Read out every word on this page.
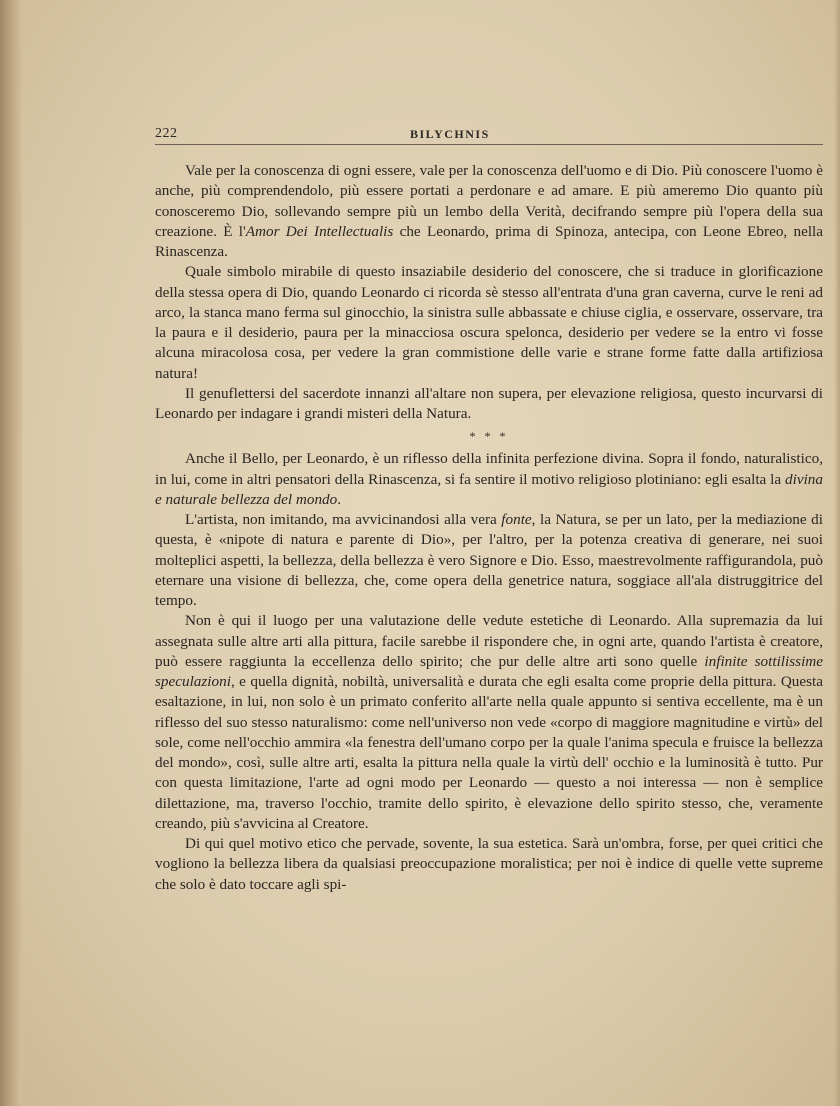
222	BILYCHNIS

Vale per la conoscenza di ogni essere, vale per la conoscenza dell'uomo e di Dio. Più conoscere l'uomo è anche, più comprendendolo, più essere portati a perdonare e ad amare. E più ameremo Dio quanto più conosceremo Dio, sollevando sempre più un lembo della Verità, decifrando sempre più l'opera della sua creazione. È l'Amor Dei Intellectualis che Leonardo, prima di Spinoza, antecipa, con Leone Ebreo, nella Rinascenza.

Quale simbolo mirabile di questo insaziabile desiderio del conoscere, che si traduce in glorificazione della stessa opera di Dio, quando Leonardo ci ricorda sè stesso all'entrata d'una gran caverna, curve le reni ad arco, la stanca mano ferma sul ginocchio, la sinistra sulle abbassate e chiuse ciglia, e osservare, osservare, tra la paura e il desiderio, paura per la minacciosa oscura spelonca, desiderio per vedere se la entro vi fosse alcuna miracolosa cosa, per vedere la gran commistione delle varie e strane forme fatte dalla artifiziosa natura!

Il genuflettersi del sacerdote innanzi all'altare non supera, per elevazione religiosa, questo incurvarsi di Leonardo per indagare i grandi misteri della Natura.

* * *

Anche il Bello, per Leonardo, è un riflesso della infinita perfezione divina. Sopra il fondo, naturalistico, in lui, come in altri pensatori della Rinascenza, si fa sentire il motivo religioso plotiniano: egli esalta la divina e naturale bellezza del mondo.

L'artista, non imitando, ma avvicinandosi alla vera fonte, la Natura, se per un lato, per la mediazione di questa, è «nipote di natura e parente di Dio», per l'altro, per la potenza creativa di generare, nei suoi molteplici aspetti, la bellezza, della bellezza è vero Signore e Dio. Esso, maestrevolmente raffigurandola, può eternare una visione di bellezza, che, come opera della genetrice natura, soggiace all'ala distruggitrice del tempo.

Non è qui il luogo per una valutazione delle vedute estetiche di Leonardo. Alla supremazia da lui assegnata sulle altre arti alla pittura, facile sarebbe il rispondere che, in ogni arte, quando l'artista è creatore, può essere raggiunta la eccellenza dello spirito; che pur delle altre arti sono quelle infinite sottilissime speculazioni, e quella dignità, nobiltà, universalità e durata che egli esalta come proprie della pittura. Questa esaltazione, in lui, non solo è un primato conferito all'arte nella quale appunto si sentiva eccellente, ma è un riflesso del suo stesso naturalismo: come nell'universo non vede «corpo di maggiore magnitudine e virtù» del sole, come nell'occhio ammira «la fenestra dell'umano corpo per la quale l'anima specula e fruisce la bellezza del mondo», così, sulle altre arti, esalta la pittura nella quale la virtù dell' occhio e la luminosità è tutto. Pur con questa limitazione, l'arte ad ogni modo per Leonardo — questo a noi interessa — non è semplice dilettazione, ma, traverso l'occhio, tramite dello spirito, è elevazione dello spirito stesso, che, veramente creando, più s'avvicina al Creatore.

Di qui quel motivo etico che pervade, sovente, la sua estetica. Sarà un'ombra, forse, per quei critici che vogliono la bellezza libera da qualsiasi preoccupazione moralistica; per noi è indice di quelle vette supreme che solo è dato toccare agli spi-
